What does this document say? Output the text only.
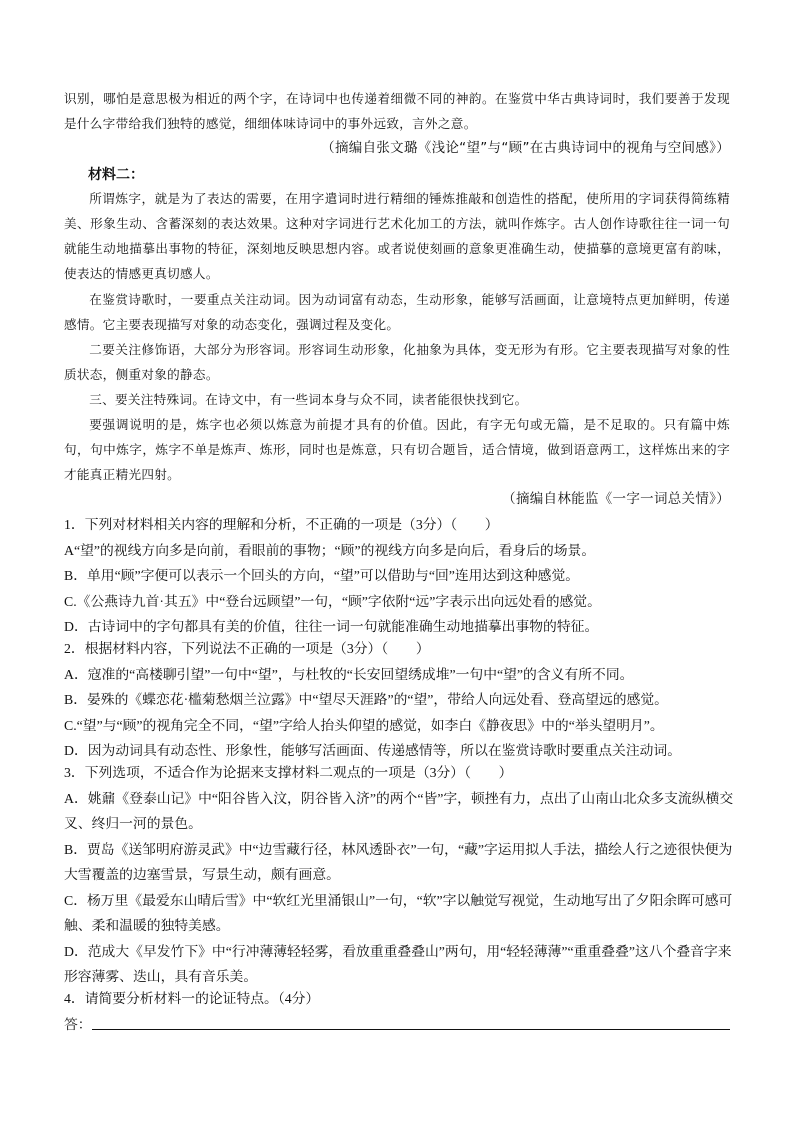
识别，哪怕是意思极为相近的两个字，在诗词中也传递着细微不同的神韵。在鉴赏中华古典诗词时，我们要善于发现是什么字带给我们独特的感觉，细细体味诗词中的事外远致，言外之意。

（摘编自张文璐《浅论“望”与“顾”在古典诗词中的视角与空间感》）

材料二：

所谓炼字，就是为了表达的需要，在用字遣词时进行精细的锤炼推敲和创造性的搭配，使所用的字词获得简练精美、形象生动、含蓄深刻的表达效果。这种对字词进行艺术化加工的方法，就叫作炼字。古人创作诗歌往往一词一句就能生动地描摹出事物的特征，深刻地反映思想内容。或者说使刻画的意象更准确生动，使描摹的意境更富有韵味，使表达的情感更真切感人。

在鉴赏诗歌时，一要重点关注动词。因为动词富有动态，生动形象，能够写活画面，让意境特点更加鲜明，传递感情。它主要表现描写对象的动态变化，强调过程及变化。

二要关注修饰语，大部分为形容词。形容词生动形象，化抽象为具体，变无形为有形。它主要表现描写对象的性质状态，侧重对象的静态。

三、要关注特殊词。在诗文中，有一些词本身与众不同，读者能很快找到它。

要强调说明的是，炼字也必须以炼意为前提才具有的价值。因此，有字无句或无篇，是不足取的。只有篇中炼句，句中炼字，炼字不单是炼声、炼形，同时也是炼意，只有切合题旨，适合情境，做到语意两工，这样炼出来的字才能真正精光四射。

（摘编自林能监《一字一词总关情》）

1．下列对材料相关内容的理解和分析，不正确的一项是（3分）（　　）
A“望”的视线方向多是向前，看眼前的事物；“顾”的视线方向多是向后，看身后的场景。
B．单用“顾”字便可以表示一个回头的方向，“望”可以借助与“回”连用达到这种感觉。
C.《公燕诗九首·其五》中“登台远顾望”一句，“顾”字依附“远”字表示出向远处看的感觉。
D．古诗词中的字句都具有美的价值，往往一词一句就能准确生动地描摹出事物的特征。
2．根据材料内容，下列说法不正确的一项是（3分）（　　）
A．寇准的“高楼聊引望”一句中“望”，与杜牧的“长安回望绣成堆”一句中“望”的含义有所不同。
B．晏殊的《蝶恋花·槛菊愁烟兰泣露》中“望尽天涯路”的“望”，带给人向远处看、登高望远的感觉。
C.“望”与“顾”的视角完全不同，“望”字给人抬头仰望的感觉，如李白《静夜思》中的“举头望明月”。
D．因为动词具有动态性、形象性，能够写活画面、传递感情等，所以在鉴赏诗歌时要重点关注动词。
3．下列选项，不适合作为论据来支撑材料二观点的一项是（3分）（　　）
A．姚鼐《登泰山记》中“阳谷皆入汶，阴谷皆入济”的两个“皆”字，顿挫有力，点出了山南山北众多支流纵横交叉、终归一河的景色。
B．贾岛《送邹明府游灵武》中“边雪藏行径，林风透卧衣”一句，“藏”字运用拟人手法，描绘人行之迹很快便为大雪覆盖的边塞雪景，写景生动，颇有画意。
C．杨万里《最爱东山晴后雪》中“软红光里涌银山”一句，“软”字以触觉写视觉，生动地写出了夕阳余晖可感可触、柔和温暖的独特美感。
D．范成大《早发竹下》中“行冲薄薄轻轻雾，看放重重叠叠山”两句，用“轻轻薄薄”“重重叠叠”这八个叠音字来形容薄雾、迭山，具有音乐美。
4．请简要分析材料一的论证特点。（4分）
答：
